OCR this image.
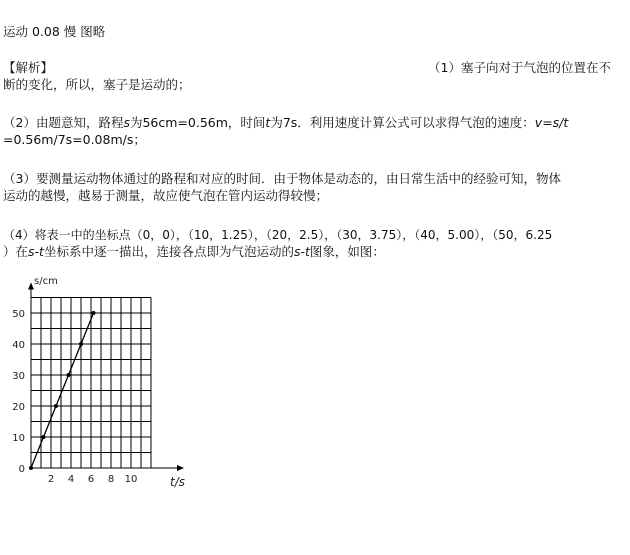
运动 0.08 慢 图略
【解析】	（1）塞子向对于气泡的位置在不
断的变化，所以，塞子是运动的；
（2）由题意知，路程s为56cm=0.56m，时间t为7s．利用速度计算公式可以求得气泡的速度：v=s/t
=0.56m/7s=0.08m/s；
（3）要测量运动物体通过的路程和对应的时间．由于物体是动态的，由日常生活中的经验可知，物体
运动的越慢，越易于测量，故应使气泡在管内运动得较慢；
（4）将表一中的坐标点（0，0），（10，1.25），（20，2.5），（30，3.75），（40，5.00），（50，6.25
）在s-t坐标系中逐一描出，连接各点即为气泡运动的s-t图象，如图：
2 4 6 8 10
0
10
20
30
40
50
s/cm
t/s
